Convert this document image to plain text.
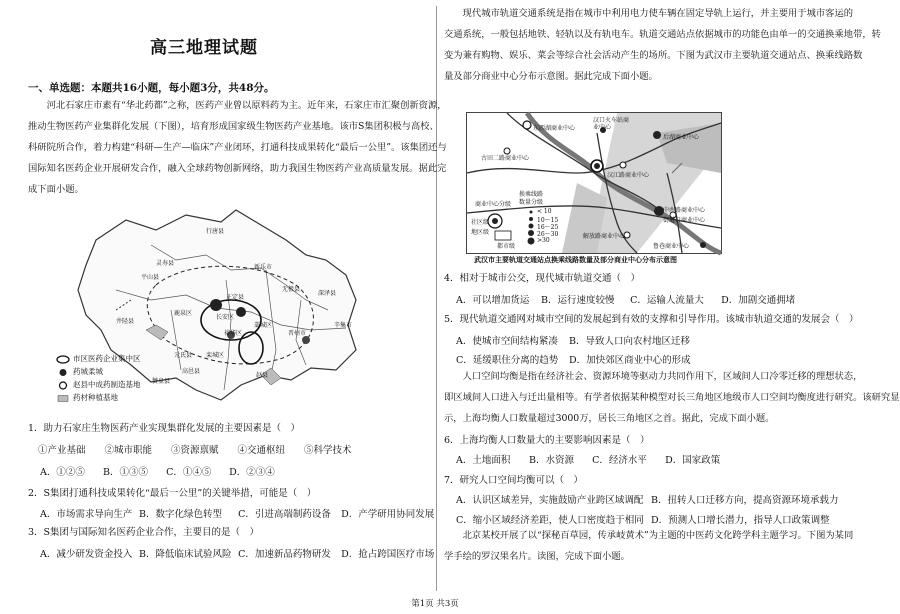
高三地理试题
一、单选题：本题共16小题，每小题3分，共48分。
　　河北石家庄市素有“华北药都”之称，医药产业曾以原料药为主。近年来，石家庄市汇聚创新资源，
推动生物医药产业集群化发展（下图），培育形成国家级生物医药产业基地。该市S集团积极与高校、
科研院所合作，着力构建“科研—生产—临床”产业闭环，打通科技成果转化“最后一公里”。该集团还与
国际知名医药企业开展研发合作，融入全球药物创新网络，助力我国生物医药产业高质量发展。据此完
成下面小题。
行唐县
灵寿县
新乐市
平山县
无极县
深泽县
辛集市
鹿泉区
藁城区
晋州市
井陉县
长安区
裕华区
元氏县 栾城区
赵县
高邑县
赞皇县
正定县
市区医药企业集中区
药城柔城
赵县中成药制造基地
药材种植基地
1．助力石家庄生物医药产业实现集群化发展的主要因素是（　）
①产业基础　　②城市职能　　③资源禀赋　　④交通枢纽　　⑤科学技术
A．①②⑤ B．①③⑤ C．①④⑤ D．②③④
2．S集团打通科技成果转化“最后一公里”的关键举措，可能是（　）
A．市场需求导向生产 B．数字化绿色转型 C．引进高端制药设备 D．产学研用协同发展
3．S集团与国际知名医药企业合作，主要目的是（　）
A．减少研发资金投入 B．降低临床试验风险 C．加速新品药物研发 D．抢占跨国医疗市场
　　现代城市轨道交通系统是指在城市中利用电力使车辆在固定导轨上运行，并主要用于城市客运的
交通系统，一般包括地铁、轻轨以及有轨电车。轨道交通站点依据城市的功能色由单一的交通换乘地带，转
变为兼有购物、娱乐、菜会等综合社会活动产生的场所。下图为武汉市主要轨道交通站点、换乘线路数
量及部分商业中心分布示意图。据此完成下面小题。
东西湖商业中心
汉口火车站商业中心
后湖商业中心
古田二路商业中心
汉江路商业中心
商业中心分级
社区级
地区级
都市级
中南路商业中心
街道口商业中心
解放路商业中心
鲁巷商业中心
换乘线路
数量分级
< 10
10～15
16～25
26～30
>30
武汉市主要轨道交通站点换乘线路数量及部分商业中心分布示意图
4．相对于城市公交，现代城市轨道交通（　）
A．可以增加货运 B．运行速度较慢 C．运输人流量大 D．加剧交通拥堵
5．现代轨道交通网对城市空间的发展起到有效的支撑和引导作用。该城市轨道交通的发展会（　）
A．使城市空间结构紧凑 B．导致人口向农村地区迁移
C．延缓职住分离的趋势 D．加快郊区商业中心的形成
　　人口空间均衡是指在经济社会、资源环境等驱动力共同作用下，区域间人口冷零迁移的理想状态，
即区域间人口进入与迁出量相等。有学者依据某种模型对长三角地区地级市人口空间均衡度进行研究。该研究显
示，上海均衡人口数量超过3000万，居长三角地区之首。据此，完成下面小题。
6．上海均衡人口数量大的主要影响因素是（　）
A．土地面积 B．水资源 C．经济水平 D．国家政策
7．研究人口空间均衡可以（　）
A．认识区域差异，实施鼓励产业跨区域调配 B．扭转人口迁移方向，提高资源环境承载力
C．缩小区域经济差距，使人口密度趋于相同 D．预测人口增长潜力，指导人口政策调整
　　北京某校开展了以“探秘百草园，传承岐黄术”为主题的中医药文化跨学科主题学习。下图为某同
学手绘的罗汉果名片。读图，完成下面小题。
第1页 共3页
